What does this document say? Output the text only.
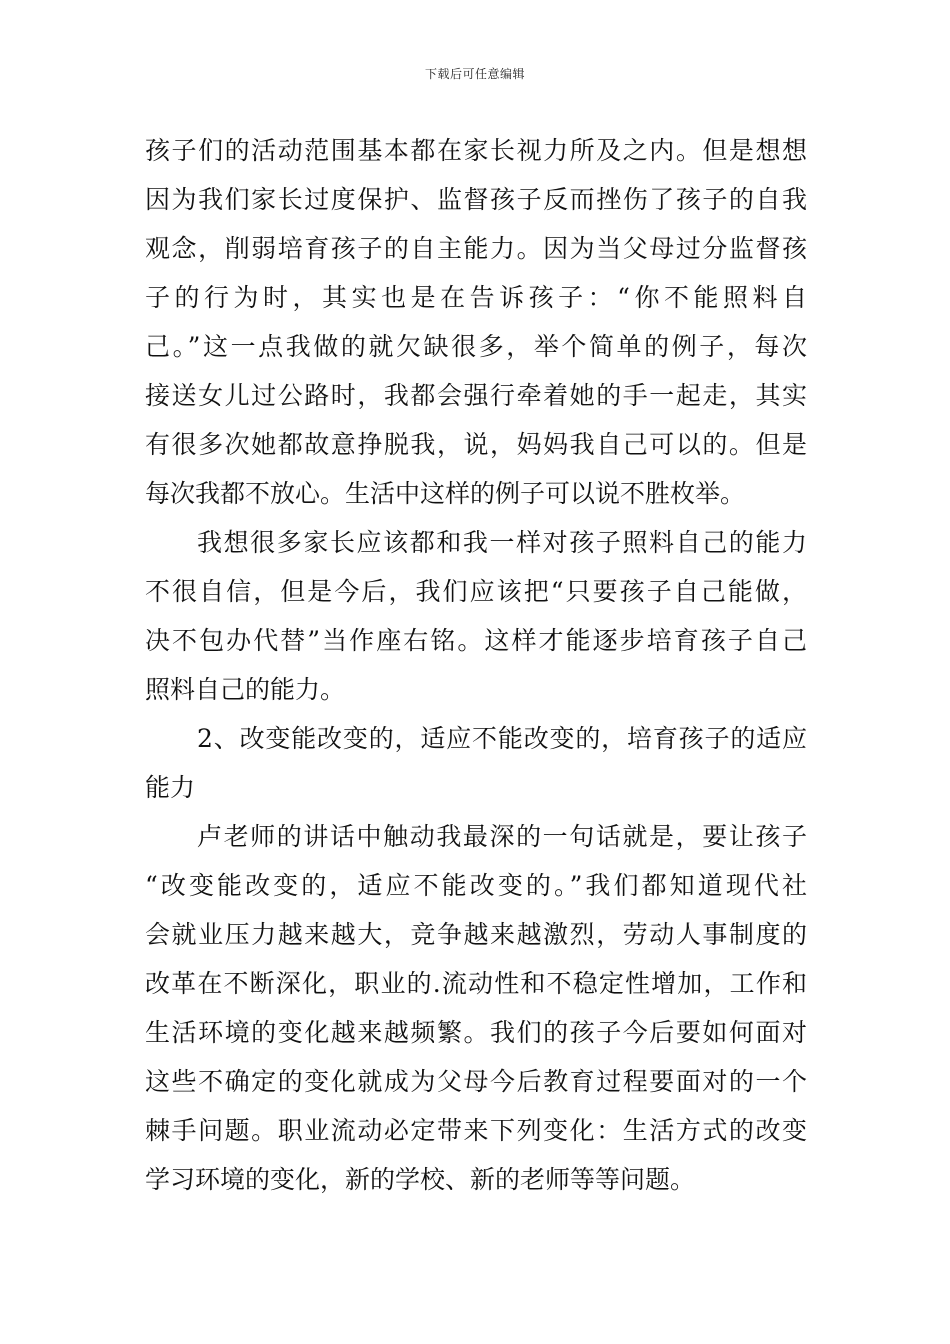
下载后可任意编辑
孩子们的活动范围基本都在家长视力所及之内。但是想想
因为我们家长过度保护、监督孩子反而挫伤了孩子的自我
观念，削弱培育孩子的自主能力。因为当父母过分监督孩
子的行为时，其实也是在告诉孩子：“你不能照料自
己。”这一点我做的就欠缺很多，举个简单的例子，每次
接送女儿过公路时，我都会强行牵着她的手一起走，其实
有很多次她都故意挣脱我，说，妈妈我自己可以的。但是
每次我都不放心。生活中这样的例子可以说不胜枚举。
我想很多家长应该都和我一样对孩子照料自己的能力
不很自信，但是今后，我们应该把“只要孩子自己能做，
决不包办代替”当作座右铭。这样才能逐步培育孩子自己
照料自己的能力。
2、改变能改变的，适应不能改变的，培育孩子的适应
能力
卢老师的讲话中触动我最深的一句话就是，要让孩子
“改变能改变的，适应不能改变的。”我们都知道现代社
会就业压力越来越大，竞争越来越激烈，劳动人事制度的
改革在不断深化，职业的.流动性和不稳定性增加，工作和
生活环境的变化越来越频繁。我们的孩子今后要如何面对
这些不确定的变化就成为父母今后教育过程要面对的一个
棘手问题。职业流动必定带来下列变化：生活方式的改变
学习环境的变化，新的学校、新的老师等等问题。
